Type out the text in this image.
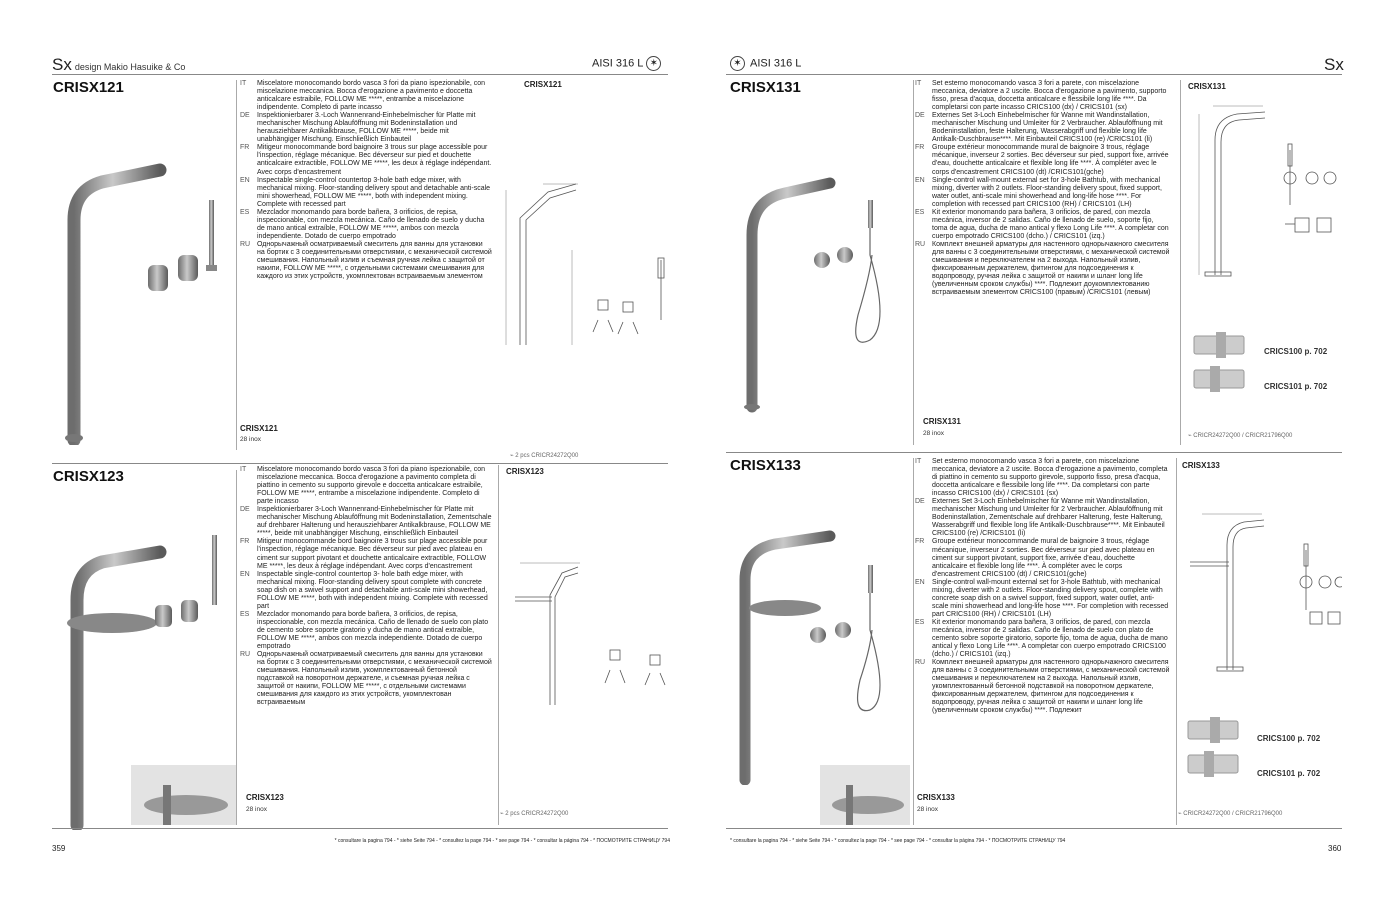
Sx design Makio Hasuike & Co	AISI 316 L ✶
CRISX121	IT	Miscelatore monocomando bordo vasca 3 fori da piano ispezionabile, con miscelazione meccanica. Bocca d'erogazione a pavimento e doccetta anticalcare estraibile, FOLLOW ME *****, entrambe a miscelazione indipendente. Completo di parte incasso
DE	Inspektionierbarer 3.-Loch Wannenrand-Einhebelmischer für Platte mit mechanischer Mischung Ablauföffnung mit Bodeninstallation und herausziehbarer Antikalkbrause, FOLLOW ME *****, beide mit unabhängiger Mischung. Einschließlich Einbauteil
FR	Mitigeur monocommande bord baignoire 3 trous sur plage accessible pour l'inspection, réglage mécanique. Bec déverseur sur pied et douchette anticalcaire extractible, FOLLOW ME *****, les deux à réglage indépendant. Avec corps d'encastrement
EN	Inspectable single-control countertop 3-hole bath edge mixer, with mechanical mixing. Floor-standing delivery spout and detachable anti-scale mini showerhead, FOLLOW ME *****, both with independent mixing. Complete with recessed part
ES	Mezclador monomando para borde bañera, 3 orificios, de repisa, inspeccionable, con mezcla mecánica. Caño de llenado de suelo y ducha de mano antical extraíble, FOLLOW ME *****, ambos con mezcla independiente. Dotado de cuerpo empotrado
RU Однорычажный осматриваемый смеситель для ванны для установки на бортик с 3 соединительными отверстиями, с механической системой смешивания. Напольный излив и съемная ручная лейка с защитой от накипи, FOLLOW ME *****, с отдельными системами смешивания для каждого из этих устройств, укомплектован встраиваемым элементом
CRISX121
CRISX121
28 inox
⌁ 2 pcs CRICR24272Q00
CRISX123	IT	Miscelatore monocomando bordo vasca 3 fori da piano ispezionabile, con miscelazione meccanica. Bocca d'erogazione a pavimento completa di piattino in cemento su supporto girevole e doccetta anticalcare estraibile, FOLLOW ME *****, entrambe a miscelazione indipendente. Completo di parte incasso
DE	Inspektionierbarer 3-Loch Wannenrand-Einhebelmischer für Platte mit mechanischer Mischung Ablauföffnung mit Bodeninstallation, Zementschale auf drehbarer Halterung und herausziehbarer Antikalkbrause, FOLLOW ME *****, beide mit unabhängiger Mischung, einschließlich Einbauteil
FR	Mitigeur monocommande bord baignoire 3 trous sur plage accessible pour l'inspection, réglage mécanique. Bec déverseur sur pied avec plateau en ciment sur support pivotant et douchette anticalcaire extractible, FOLLOW ME *****, les deux à réglage indépendant. Avec corps d'encastrement
EN	Inspectable single-control countertop 3- hole bath edge mixer, with mechanical mixing. Floor-standing delivery spout complete with concrete soap dish on a swivel support and detachable anti-scale mini showerhead, FOLLOW ME *****, both with independent mixing. Complete with recessed part
ES	Mezclador monomando para borde bañera, 3 orificios, de repisa, inspeccionable, con mezcla mecánica. Caño de llenado de suelo con plato de cemento sobre soporte giratorio y ducha de mano antical extraíble, FOLLOW ME *****, ambos con mezcla independiente. Dotado de cuerpo empotrado
RU Однорычажный осматриваемый смеситель для ванны для установки на бортик с 3 соединительными отверстиями, с механической системой смешивания. Напольный излив, укомплектованный бетонной подставкой на поворотном держателе, и съемная ручная лейка с защитой от накипи, FOLLOW ME *****, с отдельными системами смешивания для каждого из этих устройств, укомплектован встраиваемым
CRISX123
CRISX123
28 inox
⌁ 2 pcs CRICR24272Q00
* consultare la pagina 794 - * siehe Seite 794 - * consultez la page 794 - * see page 794 - * consultar la página 794 - * ПОСМОТРИТЕ СТРАНИЦУ 794
359
✶ AISI 316 L	Sx
CRISX131	IT	Set esterno monocomando vasca 3 fori a parete, con miscelazione meccanica, deviatore a 2 uscite. Bocca d'erogazione a pavimento, supporto fisso, presa d'acqua, doccetta anticalcare e flessibile long life ****. Da completarsi con parte incasso CRICS100 (dx) / CRICS101 (sx)
DE	Externes Set 3-Loch Einhebelmischer für Wanne mit Wandinstallation, mechanischer Mischung und Umleiter für 2 Verbraucher. Ablauföffnung mit Bodeninstallation, feste Halterung, Wasserabgriff und flexible long life Antikalk-Duschbrause****. Mit Einbauteil CRICS100 (re) /CRICS101 (li)
FR	Groupe extérieur monocommande mural de baignoire 3 trous, réglage mécanique, inverseur 2 sorties. Bec déverseur sur pied, support fixe, arrivée d'eau, douchette anticalcaire et flexible long life ****. À compléter avec le corps d'encastrement CRICS100 (dt) /CRICS101(gche)
EN	Single-control wall-mount external set for 3-hole Bathtub, with mechanical mixing, diverter with 2 outlets. Floor-standing delivery spout, fixed support, water outlet, anti-scale mini showerhead and long-life hose ****. For completion with recessed part CRICS100 (RH) / CRICS101 (LH)
ES	Kit exterior monomando para bañera, 3 orificios, de pared, con mezcla mecánica, inversor de 2 salidas. Caño de llenado de suelo, soporte fijo, toma de agua, ducha de mano antical y flexo Long Life ****. A completar con cuerpo empotrado CRICS100 (dcho.) / CRICS101 (izq.)
RU Комплект внешней арматуры для настенного однорычажного смесителя для ванны с 3 соединительными отверстиями, с механической системой смешивания и переключателем на 2 выхода. Напольный излив, фиксированным держателем, фитингом для подсоединения к водопроводу, ручная лейка с защитой от накипи и шланг long life (увеличенным сроком службы) ****. Подлежит доукомплектованию встраиваемым элементом CRICS100 (правым) /CRICS101 (левым)
CRISX131
CRICS100 p. 702
CRICS101 p. 702
CRISX131
28 inox	⌁ CRICR24272Q00 / CRICR21796Q00
CRISX133	IT	Set esterno monocomando vasca 3 fori a parete, con miscelazione meccanica, deviatore a 2 uscite. Bocca d'erogazione a pavimento, completa di piattino in cemento su supporto girevole, supporto fisso, presa d'acqua, doccetta anticalcare e flessibile long life ****. Da completarsi con parte incasso CRICS100 (dx) / CRICS101 (sx)
DE	Externes Set 3-Loch Einhebelmischer für Wanne mit Wandinstallation, mechanischer Mischung und Umleiter für 2 Verbraucher. Ablauföffnung mit Bodeninstallation, Zementschale auf drehbarer Halterung, feste Halterung, Wasserabgriff und flexible long life Antikalk-Duschbrause****. Mit Einbauteil CRICS100 (re) /CRICS101 (li)
FR	Groupe extérieur monocommande mural de baignoire 3 trous, réglage mécanique, inverseur 2 sorties. Bec déverseur sur pied avec plateau en ciment sur support pivotant, support fixe, arrivée d'eau, douchette anticalcaire et flexible long life ****. À compléter avec le corps d'encastrement CRICS100 (dt) / CRICS101(gche)
EN	Single-control wall-mount external set for 3-hole Bathtub, with mechanical mixing, diverter with 2 outlets. Floor-standing delivery spout, complete with concrete soap dish on a swivel support, fixed support, water outlet, anti-scale mini showerhead and long-life hose ****. For completion with recessed part CRICS100 (RH) / CRICS101 (LH)
ES	Kit exterior monomando para bañera, 3 orificios, de pared, con mezcla mecánica, inversor de 2 salidas. Caño de llenado de suelo con plato de cemento sobre soporte giratorio, soporte fijo, toma de agua, ducha de mano antical y flexo Long Life ****. A completar con cuerpo empotrado CRICS100 (dcho.) / CRICS101 (izq.)
RU Комплект внешней арматуры для настенного однорычажного смесителя для ванны с 3 соединительными отверстиями, с механической системой смешивания и переключателем на 2 выхода. Напольный излив, укомплектованный бетонной подставкой на поворотном держателе, фиксированным держателем, фитингом для подсоединения к водопроводу, ручная лейка с защитой от накипи и шланг long life (увеличенным сроком службы) ****. Подлежит
CRISX133
CRICS100 p. 702
CRICS101 p. 702
CRISX133
28 inox
⌁ CRICR24272Q00 / CRICR21796Q00
* consultare la pagina 794 - * siehe Seite 794 - * consultez la page 794 - * see page 794 - * consultar la página 794 - * ПОСМОТРИТЕ СТРАНИЦУ 794
360
